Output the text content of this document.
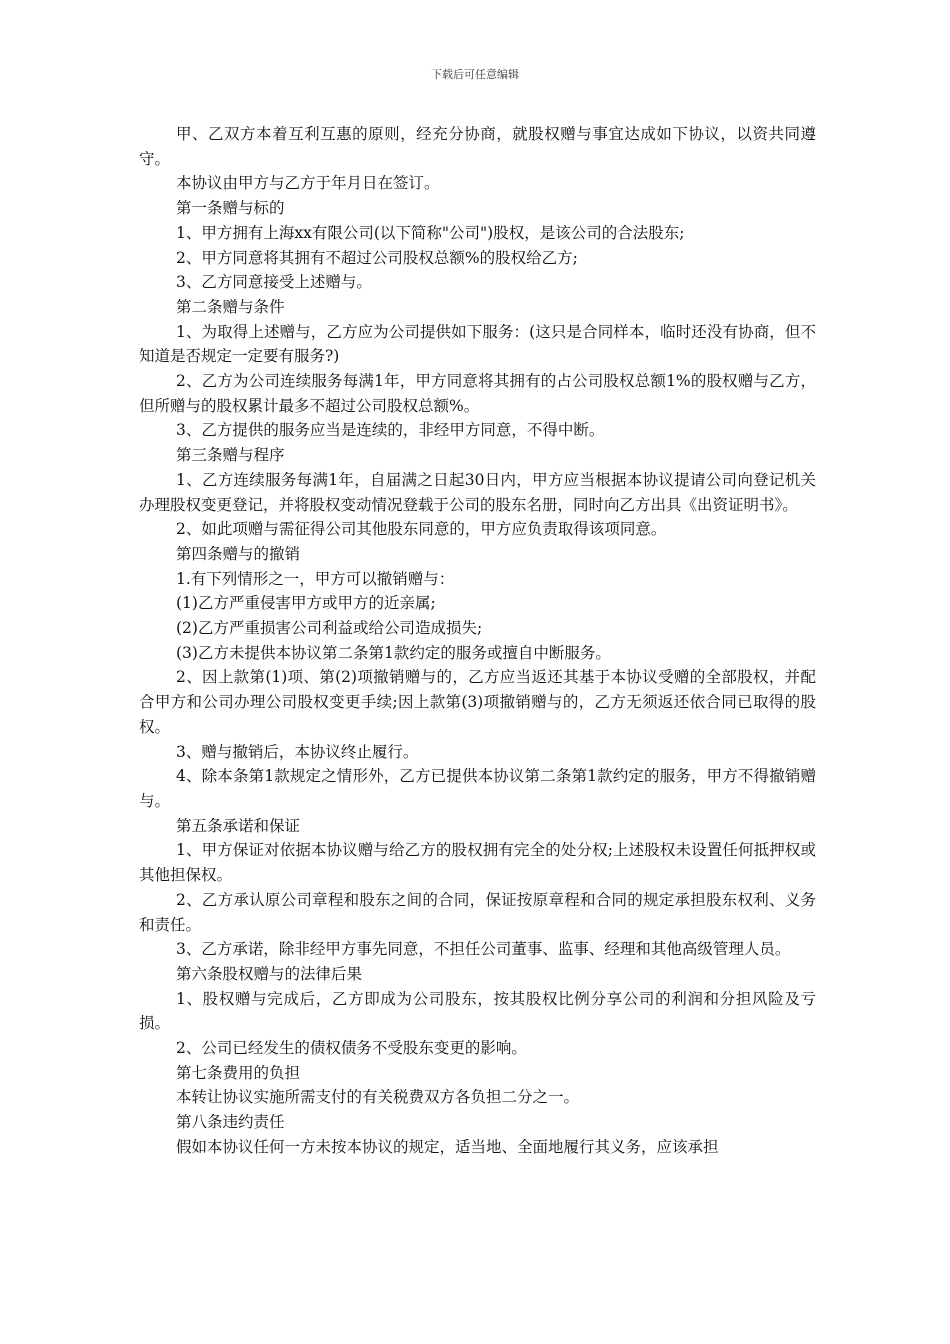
下载后可任意编辑

甲、乙双方本着互利互惠的原则，经充分协商，就股权赠与事宜达成如下协议，以资共同遵守。

本协议由甲方与乙方于年月日在签订。

第一条赠与标的

1、甲方拥有上海xx有限公司(以下简称"公司")股权，是该公司的合法股东;

2、甲方同意将其拥有不超过公司股权总额%的股权给乙方;

3、乙方同意接受上述赠与。

第二条赠与条件

1、为取得上述赠与，乙方应为公司提供如下服务：(这只是合同样本，临时还没有协商，但不知道是否规定一定要有服务?)

2、乙方为公司连续服务每满1年，甲方同意将其拥有的占公司股权总额1%的股权赠与乙方，但所赠与的股权累计最多不超过公司股权总额%。

3、乙方提供的服务应当是连续的，非经甲方同意，不得中断。

第三条赠与程序

1、乙方连续服务每满1年，自届满之日起30日内，甲方应当根据本协议提请公司向登记机关办理股权变更登记，并将股权变动情况登载于公司的股东名册，同时向乙方出具《出资证明书》。

2、如此项赠与需征得公司其他股东同意的，甲方应负责取得该项同意。

第四条赠与的撤销

1.有下列情形之一，甲方可以撤销赠与：

(1)乙方严重侵害甲方或甲方的近亲属;

(2)乙方严重损害公司利益或给公司造成损失;

(3)乙方未提供本协议第二条第1款约定的服务或擅自中断服务。

2、因上款第(1)项、第(2)项撤销赠与的，乙方应当返还其基于本协议受赠的全部股权，并配合甲方和公司办理公司股权变更手续;因上款第(3)项撤销赠与的，乙方无须返还依合同已取得的股权。

3、赠与撤销后，本协议终止履行。

4、除本条第1款规定之情形外，乙方已提供本协议第二条第1款约定的服务，甲方不得撤销赠与。

第五条承诺和保证

1、甲方保证对依据本协议赠与给乙方的股权拥有完全的处分权;上述股权未设置任何抵押权或其他担保权。

2、乙方承认原公司章程和股东之间的合同，保证按原章程和合同的规定承担股东权利、义务和责任。

3、乙方承诺，除非经甲方事先同意，不担任公司董事、监事、经理和其他高级管理人员。

第六条股权赠与的法律后果

1、股权赠与完成后，乙方即成为公司股东，按其股权比例分享公司的利润和分担风险及亏损。

2、公司已经发生的债权债务不受股东变更的影响。

第七条费用的负担

本转让协议实施所需支付的有关税费双方各负担二分之一。

第八条违约责任

假如本协议任何一方未按本协议的规定，适当地、全面地履行其义务，应该承担
